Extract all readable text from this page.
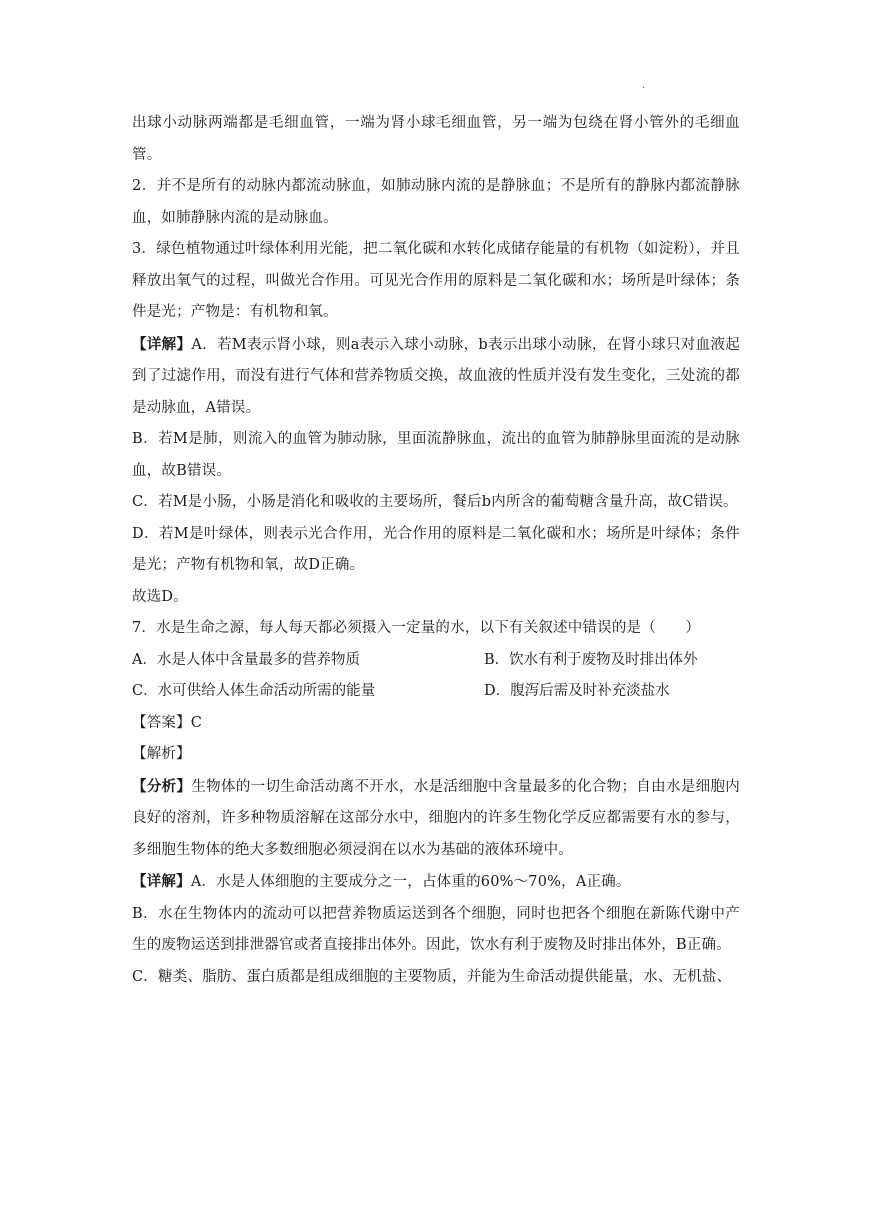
·

出球小动脉两端都是毛细血管，一端为肾小球毛细血管，另一端为包绕在肾小管外的毛细血管。

2．并不是所有的动脉内都流动脉血，如肺动脉内流的是静脉血；不是所有的静脉内都流静脉血，如肺静脉内流的是动脉血。

3．绿色植物通过叶绿体利用光能，把二氧化碳和水转化成储存能量的有机物（如淀粉），并且释放出氧气的过程，叫做光合作用。可见光合作用的原料是二氧化碳和水；场所是叶绿体；条件是光；产物是：有机物和氧。

【详解】A．若M表示肾小球，则a表示入球小动脉，b表示出球小动脉，在肾小球只对血液起到了过滤作用，而没有进行气体和营养物质交换，故血液的性质并没有发生变化，三处流的都是动脉血，A错误。

B．若M是肺，则流入的血管为肺动脉，里面流静脉血，流出的血管为肺静脉里面流的是动脉血，故B错误。

C．若M是小肠，小肠是消化和吸收的主要场所，餐后b内所含的葡萄糖含量升高，故C错误。

D．若M是叶绿体，则表示光合作用，光合作用的原料是二氧化碳和水；场所是叶绿体；条件是光；产物有机物和氧，故D正确。

故选D。

7．水是生命之源，每人每天都必须摄入一定量的水，以下有关叙述中错误的是（　　）

A．水是人体中含量最多的营养物质	B．饮水有利于废物及时排出体外
C．水可供给人体生命活动所需的能量	D．腹泻后需及时补充淡盐水

【答案】C

【解析】

【分析】生物体的一切生命活动离不开水，水是活细胞中含量最多的化合物；自由水是细胞内良好的溶剂，许多种物质溶解在这部分水中，细胞内的许多生物化学反应都需要有水的参与，多细胞生物体的绝大多数细胞必须浸润在以水为基础的液体环境中。

【详解】A．水是人体细胞的主要成分之一，占体重的60%～70%，A正确。

B．水在生物体内的流动可以把营养物质运送到各个细胞，同时也把各个细胞在新陈代谢中产生的废物运送到排泄器官或者直接排出体外。因此，饮水有利于废物及时排出体外，B正确。

C．糖类、脂肪、蛋白质都是组成细胞的主要物质，并能为生命活动提供能量，水、无机盐、
